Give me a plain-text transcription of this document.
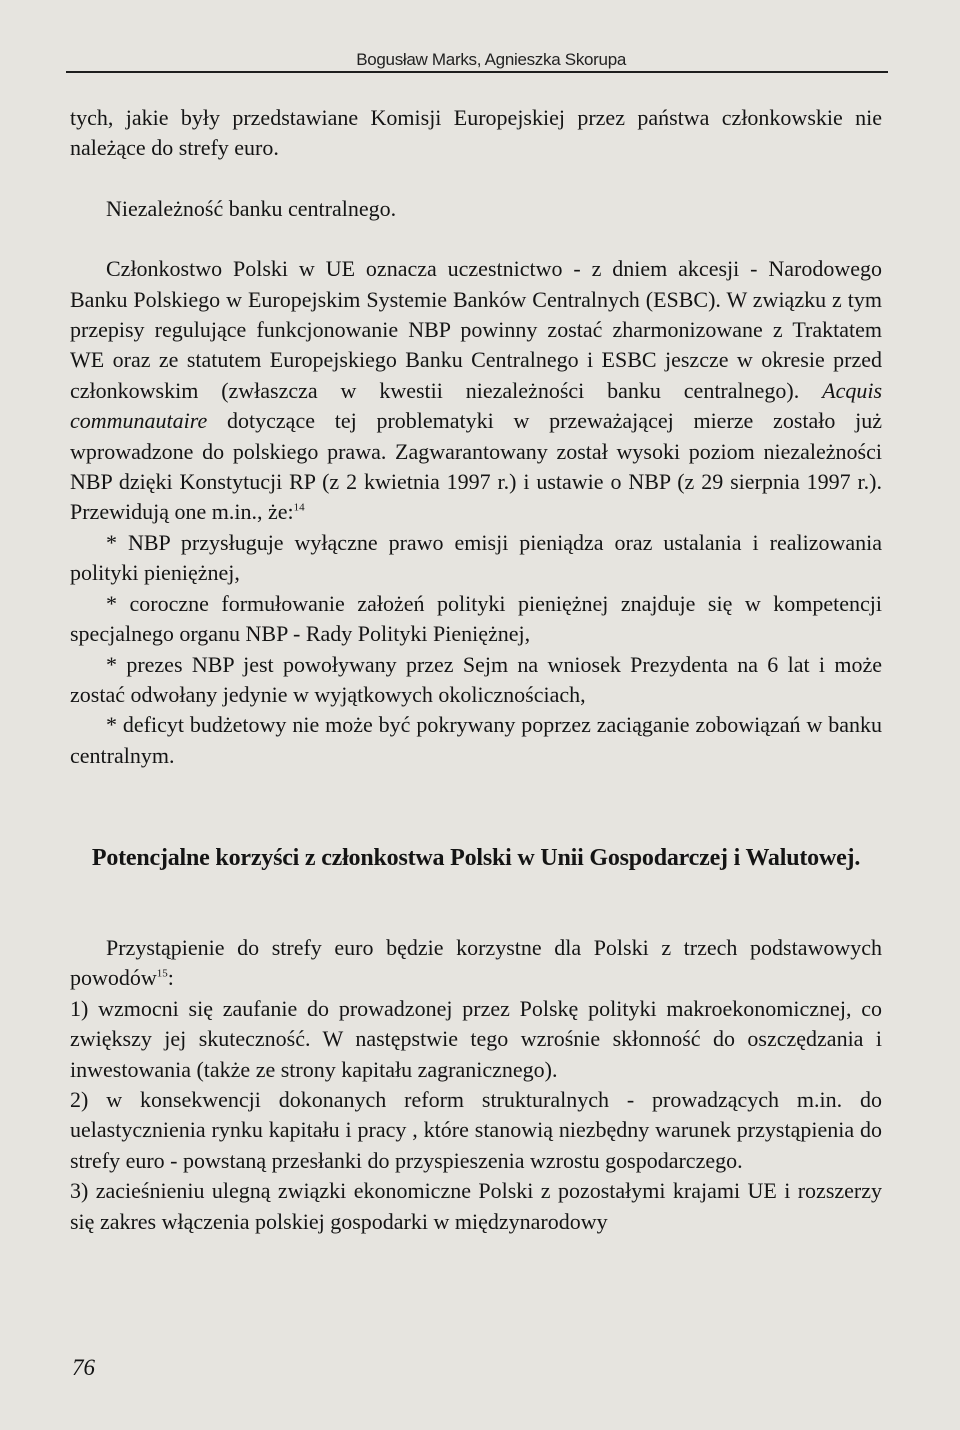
Bogusław Marks, Agnieszka Skorupa

tych, jakie były przedstawiane Komisji Europejskiej przez państwa członkowskie nie należące do strefy euro.

Niezależność banku centralnego.

Członkostwo Polski w UE oznacza uczestnictwo - z dniem akcesji - Narodowego Banku Polskiego w Europejskim Systemie Banków Centralnych (ESBC). W związku z tym przepisy regulujące funkcjonowanie NBP powinny zostać zharmonizowane z Traktatem WE oraz ze statutem Europejskiego Banku Centralnego i ESBC jeszcze w okresie przed członkowskim (zwłaszcza w kwestii niezależności banku centralnego). Acquis communautaire dotyczące tej problematyki w przeważającej mierze zostało już wprowadzone do polskiego prawa. Zagwarantowany został wysoki poziom niezależności NBP dzięki Konstytucji RP (z 2 kwietnia 1997 r.) i ustawie o NBP (z 29 sierpnia 1997 r.). Przewidują one m.in., że:$^{14}$

* NBP przysługuje wyłączne prawo emisji pieniądza oraz ustalania i realizowania polityki pieniężnej,

* coroczne formułowanie założeń polityki pieniężnej znajduje się w kompetencji specjalnego organu NBP - Rady Polityki Pieniężnej,

* prezes NBP jest powoływany przez Sejm na wniosek Prezydenta na 6 lat i może zostać odwołany jedynie w wyjątkowych okolicznościach,

* deficyt budżetowy nie może być pokrywany poprzez zaciąganie zobowiązań w banku centralnym.

Potencjalne korzyści z członkostwa Polski w Unii Gospodarczej i Walutowej.

Przystąpienie do strefy euro będzie korzystne dla Polski z trzech podstawowych powodów$^{15}$:

1) wzmocni się zaufanie do prowadzonej przez Polskę polityki makroekonomicznej, co zwiększy jej skuteczność. W następstwie tego wzrośnie skłonność do oszczędzania i inwestowania (także ze strony kapitału zagranicznego).

2) w konsekwencji dokonanych reform strukturalnych - prowadzących m.in. do uelastycznienia rynku kapitału i pracy , które stanowią niezbędny warunek przystąpienia do strefy euro - powstaną przesłanki do przyspieszenia wzrostu gospodarczego.

3) zacieśnieniu ulegną związki ekonomiczne Polski z pozostałymi krajami UE i rozszerzy się zakres włączenia polskiej gospodarki w międzynarodowy

76
